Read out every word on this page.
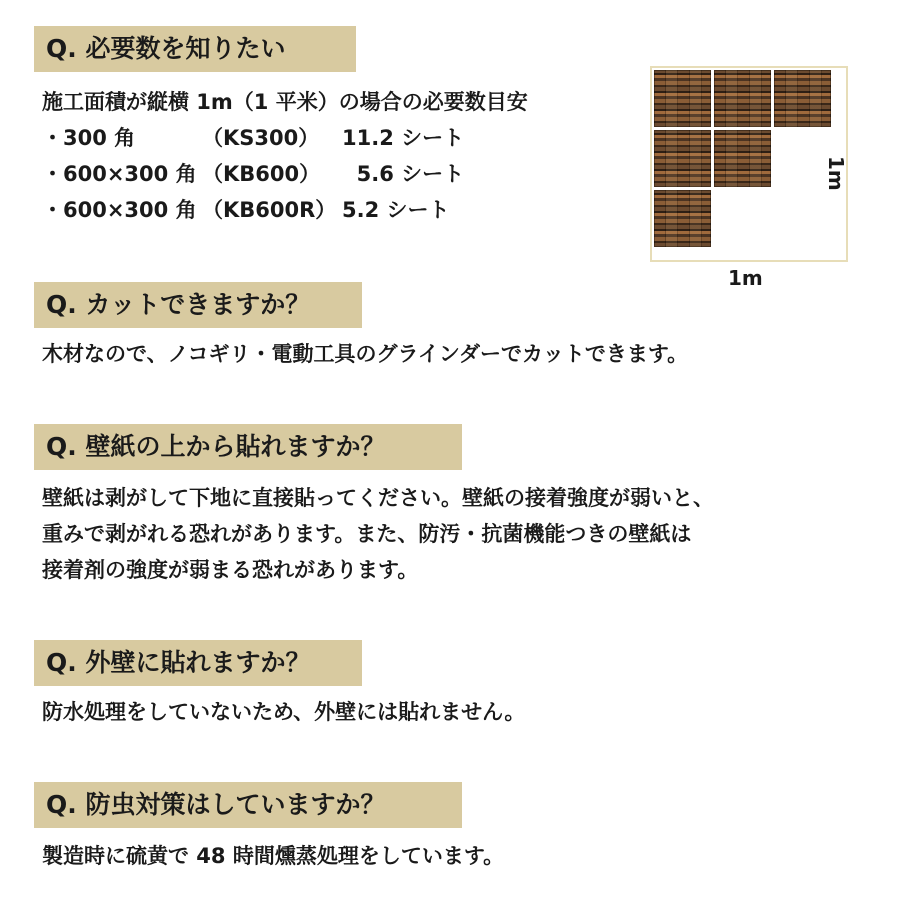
Q. 必要数を知りたい
施工面積が縦横 1m（1 平米）の場合の必要数目安
・300 角	（KS300）	11.2 シート
・600×300 角 （KB600）	5.6 シート
・600×300 角 （KB600R） 5.2 シート
1m
1m
Q. カットできますか？
木材なので、ノコギリ・電動工具のグラインダーでカットできます。
Q. 壁紙の上から貼れますか？
壁紙は剥がして下地に直接貼ってください。壁紙の接着強度が弱いと、
重みで剥がれる恐れがあります。また、防汚・抗菌機能つきの壁紙は
接着剤の強度が弱まる恐れがあります。
Q. 外壁に貼れますか？
防水処理をしていないため、外壁には貼れません。
Q. 防虫対策はしていますか？
製造時に硫黄で 48 時間燻蒸処理をしています。
